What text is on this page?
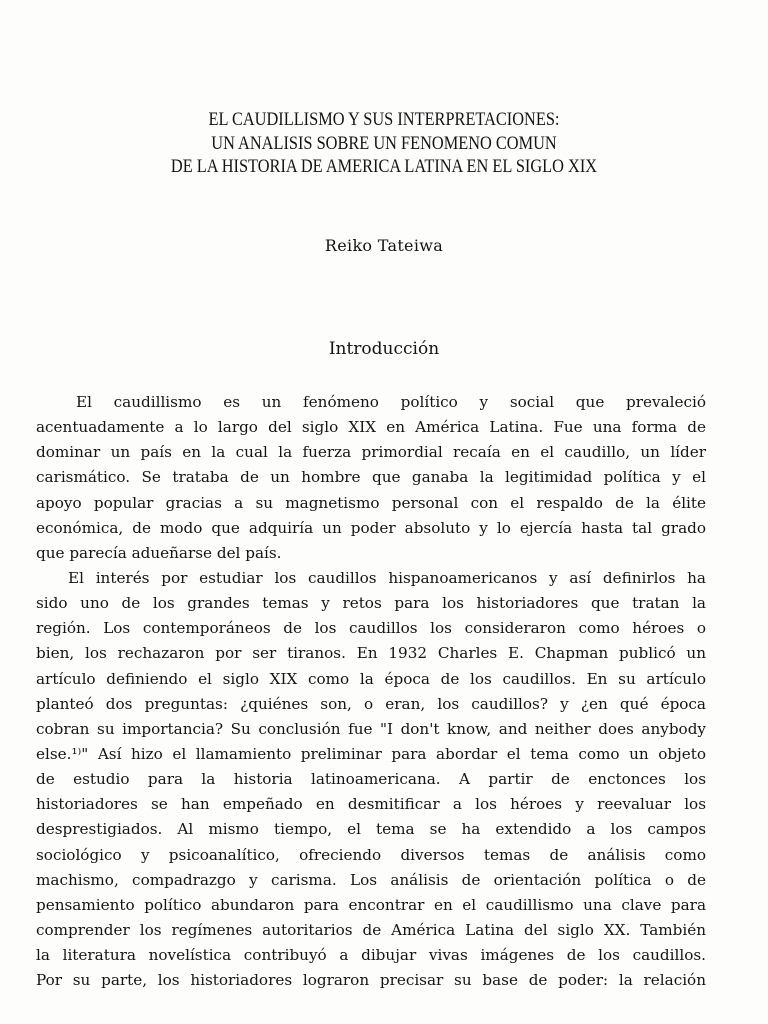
EL CAUDILLISMO Y SUS INTERPRETACIONES:
UN ANALISIS SOBRE UN FENOMENO COMUN
DE LA HISTORIA DE AMERICA LATINA EN EL SIGLO XIX
Reiko Tateiwa
Introducción
El caudillismo es un fenómeno político y social que prevaleció
acentuadamente a lo largo del siglo XIX en América Latina. Fue una forma de
dominar un país en la cual la fuerza primordial recaía en el caudillo, un líder
carismático. Se trataba de un hombre que ganaba la legitimidad política y el
apoyo popular gracias a su magnetismo personal con el respaldo de la élite
económica, de modo que adquiría un poder absoluto y lo ejercía hasta tal grado
que parecía adueñarse del país.
El interés por estudiar los caudillos hispanoamericanos y así definirlos ha
sido uno de los grandes temas y retos para los historiadores que tratan la
región. Los contemporáneos de los caudillos los consideraron como héroes o
bien, los rechazaron por ser tiranos. En 1932 Charles E. Chapman publicó un
artículo definiendo el siglo XIX como la época de los caudillos. En su artículo
planteó dos preguntas: ¿quiénes son, o eran, los caudillos? y ¿en qué época
cobran su importancia? Su conclusión fue "I don't know, and neither does anybody
else.¹⁾" Así hizo el llamamiento preliminar para abordar el tema como un objeto
de estudio para la historia latinoamericana. A partir de enctonces los
historiadores se han empeñado en desmitificar a los héroes y reevaluar los
desprestigiados. Al mismo tiempo, el tema se ha extendido a los campos
sociológico y psicoanalítico, ofreciendo diversos temas de análisis como
machismo, compadrazgo y carisma. Los análisis de orientación política o de
pensamiento político abundaron para encontrar en el caudillismo una clave para
comprender los regímenes autoritarios de América Latina del siglo XX. También
la literatura novelística contribuyó a dibujar vivas imágenes de los caudillos.
Por su parte, los historiadores lograron precisar su base de poder: la relación
